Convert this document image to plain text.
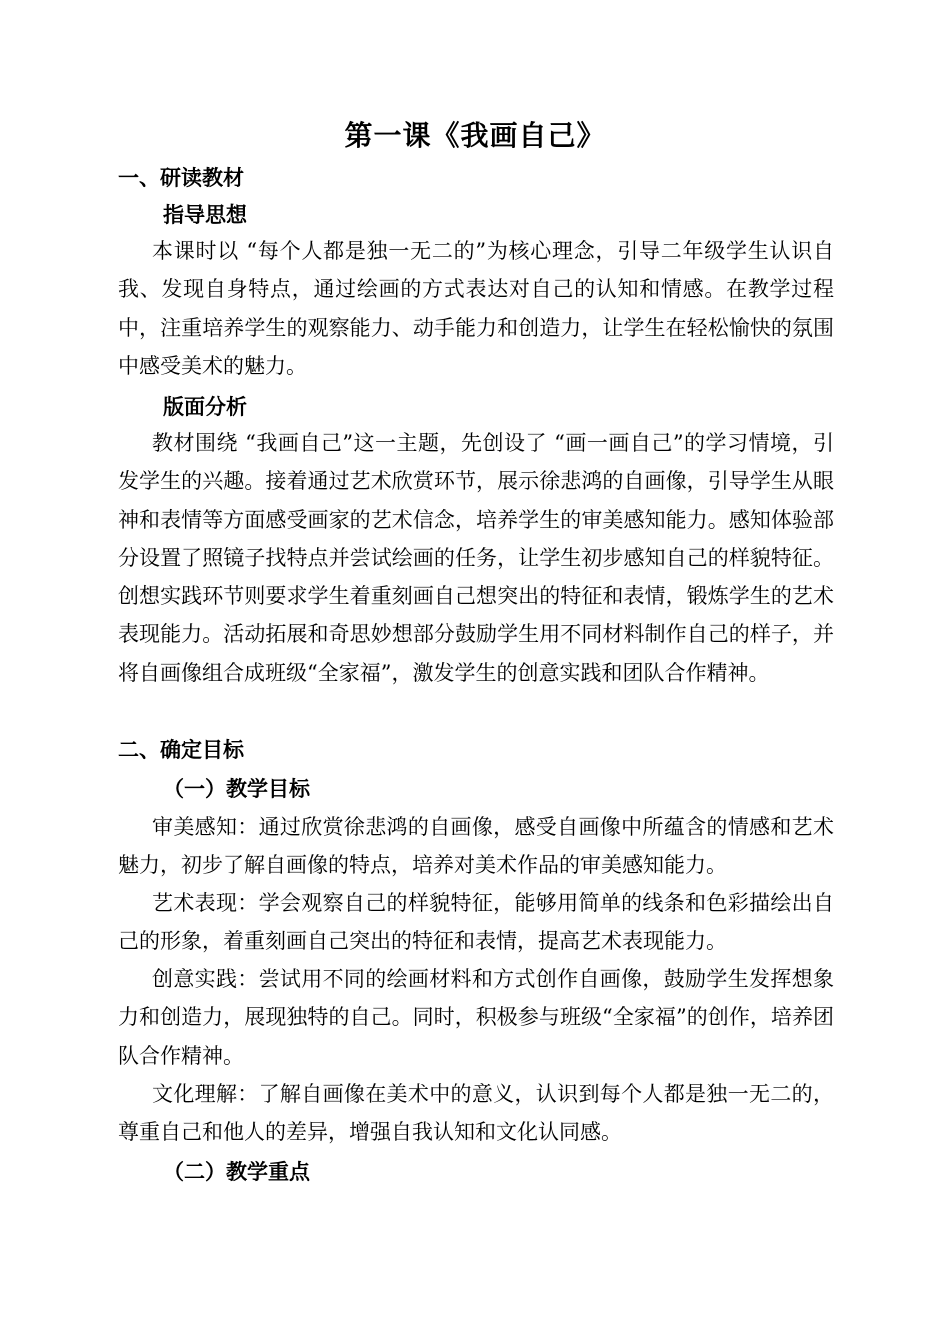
第一课《我画自己》
一、研读教材
指导思想

本课时以 “每个人都是独一无二的”为核心理念，引导二年级学生认识自我、发现自身特点，通过绘画的方式表达对自己的认知和情感。在教学过程中，注重培养学生的观察能力、动手能力和创造力，让学生在轻松愉快的氛围中感受美术的魅力。

版面分析

教材围绕 “我画自己”这一主题，先创设了 “画一画自己”的学习情境，引发学生的兴趣。接着通过艺术欣赏环节，展示徐悲鸿的自画像，引导学生从眼神和表情等方面感受画家的艺术信念，培养学生的审美感知能力。感知体验部分设置了照镜子找特点并尝试绘画的任务，让学生初步感知自己的样貌特征。创想实践环节则要求学生着重刻画自己想突出的特征和表情，锻炼学生的艺术表现能力。活动拓展和奇思妙想部分鼓励学生用不同材料制作自己的样子，并将自画像组合成班级“全家福”，激发学生的创意实践和团队合作精神。

二、确定目标
（一）教学目标

审美感知：通过欣赏徐悲鸿的自画像，感受自画像中所蕴含的情感和艺术魅力，初步了解自画像的特点，培养对美术作品的审美感知能力。

艺术表现：学会观察自己的样貌特征，能够用简单的线条和色彩描绘出自己的形象，着重刻画自己突出的特征和表情，提高艺术表现能力。

创意实践：尝试用不同的绘画材料和方式创作自画像，鼓励学生发挥想象力和创造力，展现独特的自己。同时，积极参与班级“全家福”的创作，培养团队合作精神。

文化理解：了解自画像在美术中的意义，认识到每个人都是独一无二的，尊重自己和他人的差异，增强自我认知和文化认同感。

（二）教学重点
